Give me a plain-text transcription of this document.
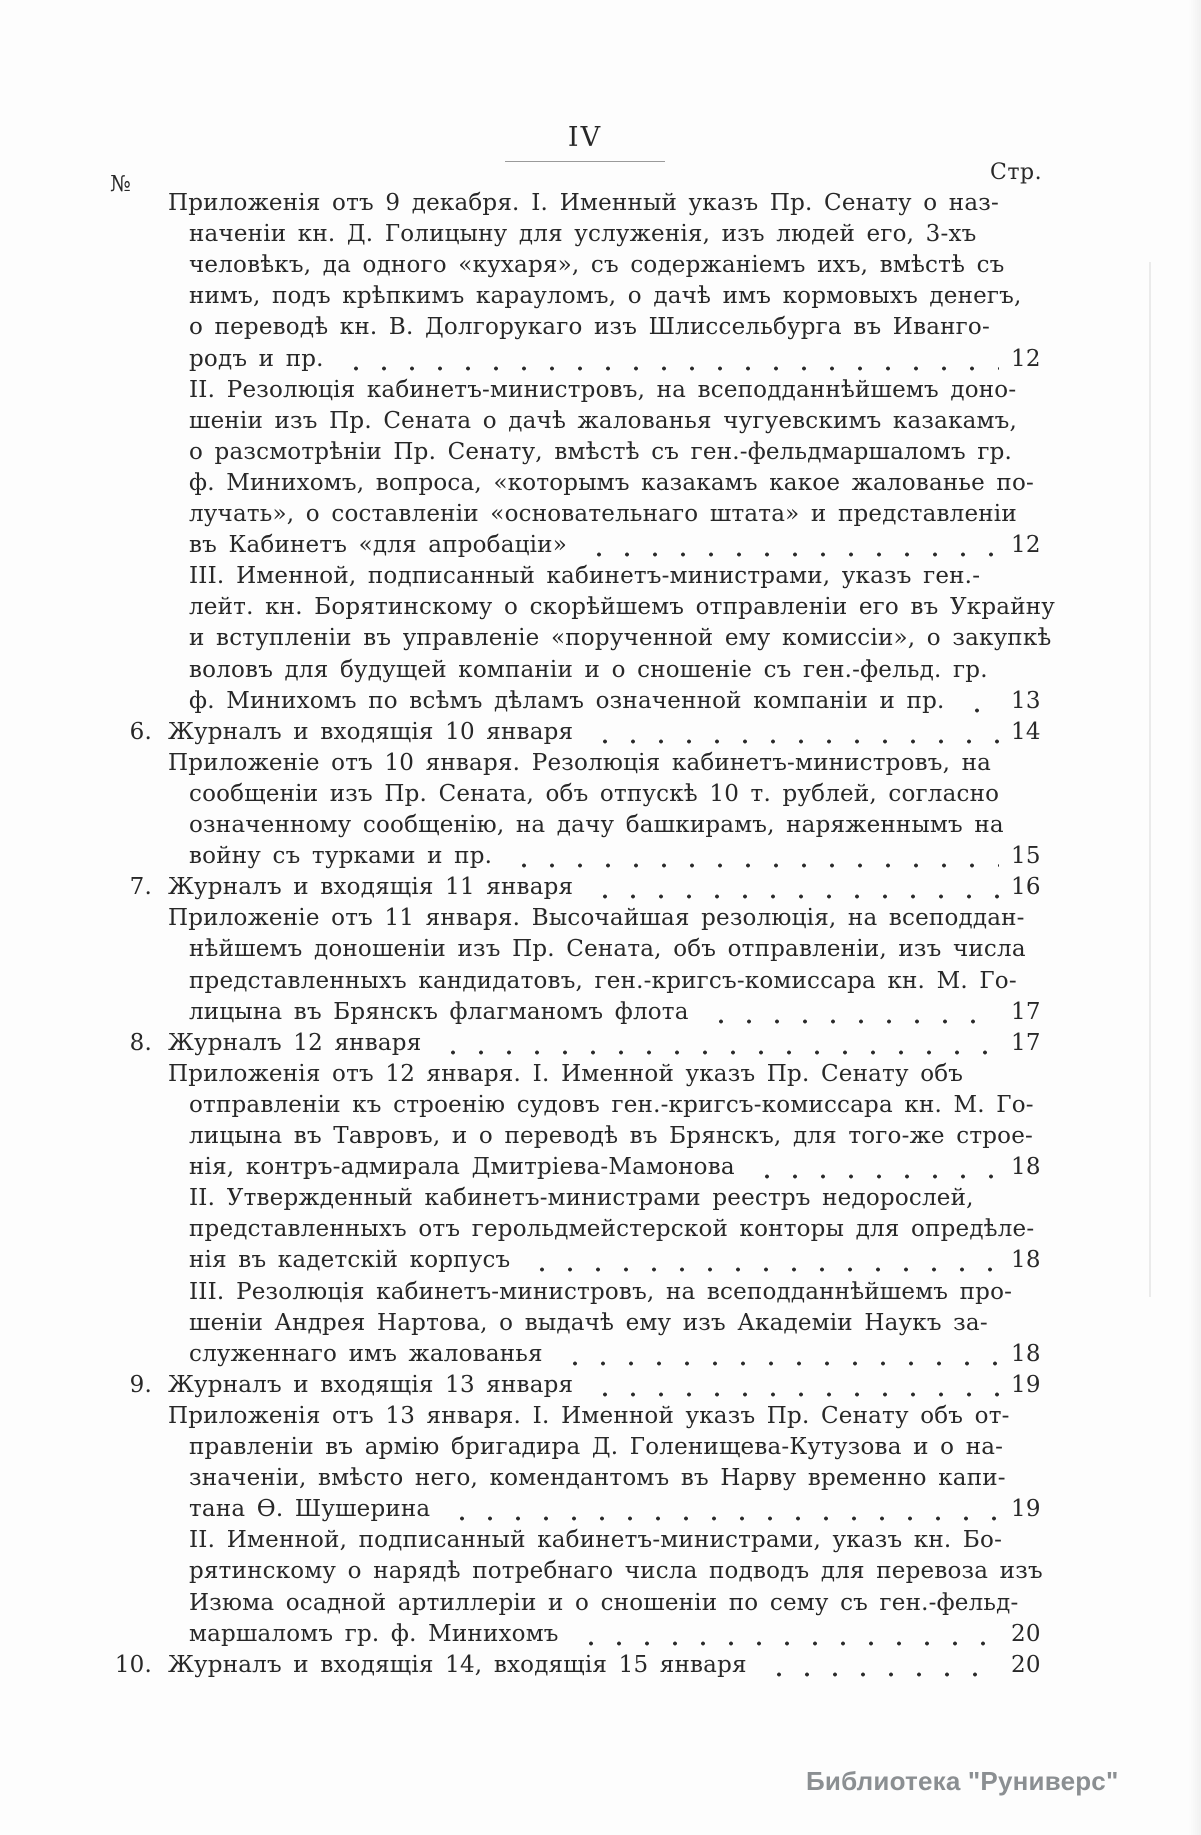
IV
№	Стр.
Приложенія отъ 9 декабря. I. Именный указъ Пр. Сенату о наз-
наченіи кн. Д. Голицыну для услуженія, изъ людей его, 3-хъ
человѣкъ, да одного «кухаря», съ содержаніемъ ихъ, вмѣстѣ съ
нимъ, подъ крѣпкимъ карауломъ, о дачѣ имъ кормовыхъ денегъ,
о переводѣ кн. В. Долгорукаго изъ Шлиссельбурга въ Иванго-
родъ и пр.	12
II. Резолюція кабинетъ-министровъ, на всеподданнѣйшемъ доно-
шеніи изъ Пр. Сената о дачѣ жалованья чугуевскимъ казакамъ,
о разсмотрѣніи Пр. Сенату, вмѣстѣ съ ген.-фельдмаршаломъ гр.
ф. Минихомъ, вопроса, «которымъ казакамъ какое жалованье по-
лучать», о составленіи «основательнаго штата» и представленіи
въ Кабинетъ «для апробаціи»	12
III. Именной, подписанный кабинетъ-министрами, указъ ген.-
лейт. кн. Борятинскому о скорѣйшемъ отправленіи его въ Украйну
и вступленіи въ управленіе «порученной ему комиссіи», о закупкѣ
воловъ для будущей компаніи и о сношеніе съ ген.-фельд. гр.
ф. Минихомъ по всѣмъ дѣламъ означенной компаніи и пр.	13
6. Журналъ и входящія 10 января	14
Приложеніе отъ 10 января. Резолюція кабинетъ-министровъ, на
сообщеніи изъ Пр. Сената, объ отпускѣ 10 т. рублей, согласно
означенному сообщенію, на дачу башкирамъ, наряженнымъ на
войну съ турками и пр.	15
7. Журналъ и входящія 11 января	16
Приложеніе отъ 11 января. Высочайшая резолюція, на всеподдан-
нѣйшемъ доношеніи изъ Пр. Сената, объ отправленіи, изъ числа
представленныхъ кандидатовъ, ген.-кригсъ-комиссара кн. М. Го-
лицына въ Брянскъ флагманомъ флота	17
8. Журналъ 12 января	17
Приложенія отъ 12 января. I. Именной указъ Пр. Сенату объ
отправленіи къ строенію судовъ ген.-кригсъ-комиссара кн. М. Го-
лицына въ Тавровъ, и о переводѣ въ Брянскъ, для того-же строе-
нія, контръ-адмирала Дмитріева-Мамонова	18
II. Утвержденный кабинетъ-министрами реестръ недорослей,
представленныхъ отъ герольдмейстерской конторы для опредѣле-
нія въ кадетскій корпусъ	18
III. Резолюція кабинетъ-министровъ, на всеподданнѣйшемъ про-
шеніи Андрея Нартова, о выдачѣ ему изъ Академіи Наукъ за-
служеннаго имъ жалованья	18
9. Журналъ и входящія 13 января	19
Приложенія отъ 13 января. I. Именной указъ Пр. Сенату объ от-
правленіи въ армію бригадира Д. Голенищева-Кутузова и о на-
значеніи, вмѣсто него, комендантомъ въ Нарву временно капи-
тана Ѳ. Шушерина	19
II. Именной, подписанный кабинетъ-министрами, указъ кн. Бо-
рятинскому о нарядѣ потребнаго числа подводъ для перевоза изъ
Изюма осадной артиллеріи и о сношеніи по сему съ ген.-фельд-
маршаломъ гр. ф. Минихомъ	20
10. Журналъ и входящія 14, входящія 15 января	20
Библиотека "Руниверс"
